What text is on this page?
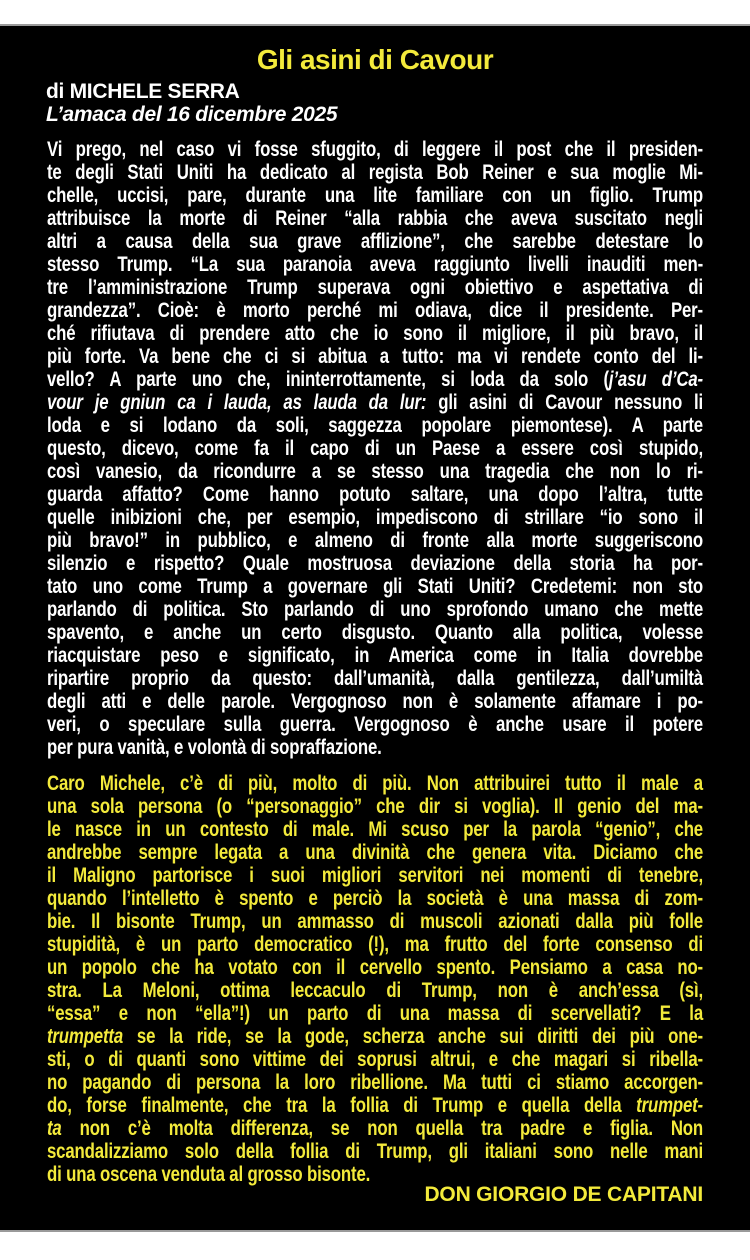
Gli asini di Cavour
di MICHELE SERRA
L’amaca del 16 dicembre 2025
Vi prego, nel caso vi fosse sfuggito, di leggere il post che il presiden-
te degli Stati Uniti ha dedicato al regista Bob Reiner e sua moglie Mi-
chelle, uccisi, pare, durante una lite familiare con un figlio. Trump
attribuisce la morte di Reiner “alla rabbia che aveva suscitato negli
altri a causa della sua grave afflizione”, che sarebbe detestare lo
stesso Trump. “La sua paranoia aveva raggiunto livelli inauditi men-
tre l’amministrazione Trump superava ogni obiettivo e aspettativa di
grandezza”. Cioè: è morto perché mi odiava, dice il presidente. Per-
ché rifiutava di prendere atto che io sono il migliore, il più bravo, il
più forte. Va bene che ci si abitua a tutto: ma vi rendete conto del li-
vello? A parte uno che, ininterrottamente, si loda da solo (j’asu d’Ca-
vour je gniun ca i lauda, as lauda da lur: gli asini di Cavour nessuno li
loda e si lodano da soli, saggezza popolare piemontese). A parte
questo, dicevo, come fa il capo di un Paese a essere così stupido,
così vanesio, da ricondurre a se stesso una tragedia che non lo ri-
guarda affatto? Come hanno potuto saltare, una dopo l’altra, tutte
quelle inibizioni che, per esempio, impediscono di strillare “io sono il
più bravo!” in pubblico, e almeno di fronte alla morte suggeriscono
silenzio e rispetto? Quale mostruosa deviazione della storia ha por-
tato uno come Trump a governare gli Stati Uniti? Credetemi: non sto
parlando di politica. Sto parlando di uno sprofondo umano che mette
spavento, e anche un certo disgusto. Quanto alla politica, volesse
riacquistare peso e significato, in America come in Italia dovrebbe
ripartire proprio da questo: dall’umanità, dalla gentilezza, dall’umiltà
degli atti e delle parole. Vergognoso non è solamente affamare i po-
veri, o speculare sulla guerra. Vergognoso è anche usare il potere
per pura vanità, e volontà di sopraffazione.
Caro Michele, c’è di più, molto di più. Non attribuirei tutto il male a
una sola persona (o “personaggio” che dir si voglia). Il genio del ma-
le nasce in un contesto di male. Mi scuso per la parola “genio”, che
andrebbe sempre legata a una divinità che genera vita. Diciamo che
il Maligno partorisce i suoi migliori servitori nei momenti di tenebre,
quando l’intelletto è spento e perciò la società è una massa di zom-
bie. Il bisonte Trump, un ammasso di muscoli azionati dalla più folle
stupidità, è un parto democratico (!), ma frutto del forte consenso di
un popolo che ha votato con il cervello spento. Pensiamo a casa no-
stra. La Meloni, ottima leccaculo di Trump, non è anch’essa (sì,
“essa” e non “ella”!) un parto di una massa di scervellati? E la
trumpetta se la ride, se la gode, scherza anche sui diritti dei più one-
sti, o di quanti sono vittime dei soprusi altrui, e che magari si ribella-
no pagando di persona la loro ribellione. Ma tutti ci stiamo accorgen-
do, forse finalmente, che tra la follia di Trump e quella della trumpet-
ta non c’è molta differenza, se non quella tra padre e figlia. Non
scandalizziamo solo della follia di Trump, gli italiani sono nelle mani
di una oscena venduta al grosso bisonte.
DON GIORGIO DE CAPITANI
